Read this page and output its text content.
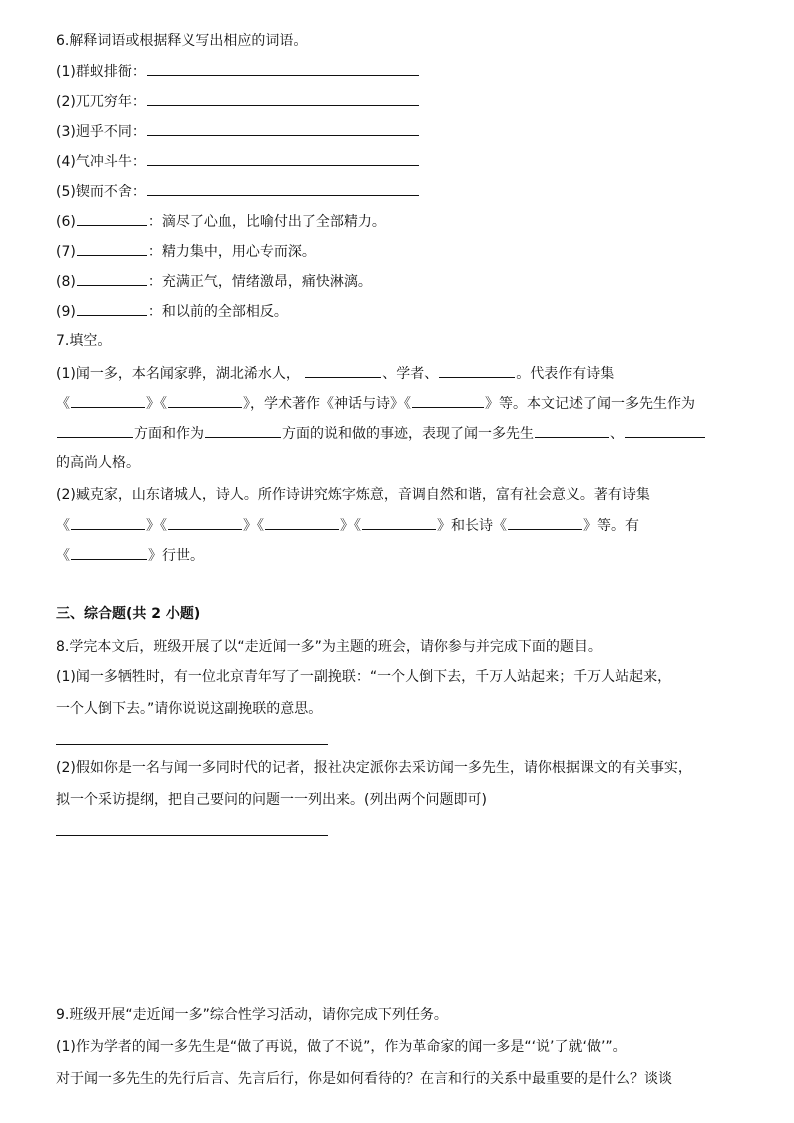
6.解释词语或根据释义写出相应的词语。
(1)群蚁排衙：
(2)兀兀穷年：
(3)迥乎不同：
(4)气冲斗牛：
(5)锲而不舍：
(6)	：滴尽了心血，比喻付出了全部精力。
(7)	：精力集中，用心专而深。
(8)	：充满正气，情绪激昂，痛快淋漓。
(9)	：和以前的全部相反。
7.填空。
(1)闻一多，本名闻家骅，湖北浠水人，	、学者、	。代表作有诗集
《	》《	》，学术著作《神话与诗》《	》等。本文记述了闻一多先生作为
方面和作为	方面的说和做的事迹，表现了闻一多先生	、
的高尚人格。
(2)臧克家，山东诸城人，诗人。所作诗讲究炼字炼意，音调自然和谐，富有社会意义。著有诗集
《	》《	》《	》《	》和长诗《	》等。有
《	》行世。
三、综合题(共 2 小题)
8.学完本文后，班级开展了以“走近闻一多”为主题的班会，请你参与并完成下面的题目。
(1)闻一多牺牲时，有一位北京青年写了一副挽联：“一个人倒下去，千万人站起来；千万人站起来，
一个人倒下去。”请你说说这副挽联的意思。
(2)假如你是一名与闻一多同时代的记者，报社决定派你去采访闻一多先生，请你根据课文的有关事实，
拟一个采访提纲，把自己要问的问题一一列出来。(列出两个问题即可)
9.班级开展“走近闻一多”综合性学习活动，请你完成下列任务。
(1)作为学者的闻一多先生是“做了再说，做了不说”，作为革命家的闻一多是“‘说’了就‘做’”。
对于闻一多先生的先行后言、先言后行，你是如何看待的？在言和行的关系中最重要的是什么？谈谈
